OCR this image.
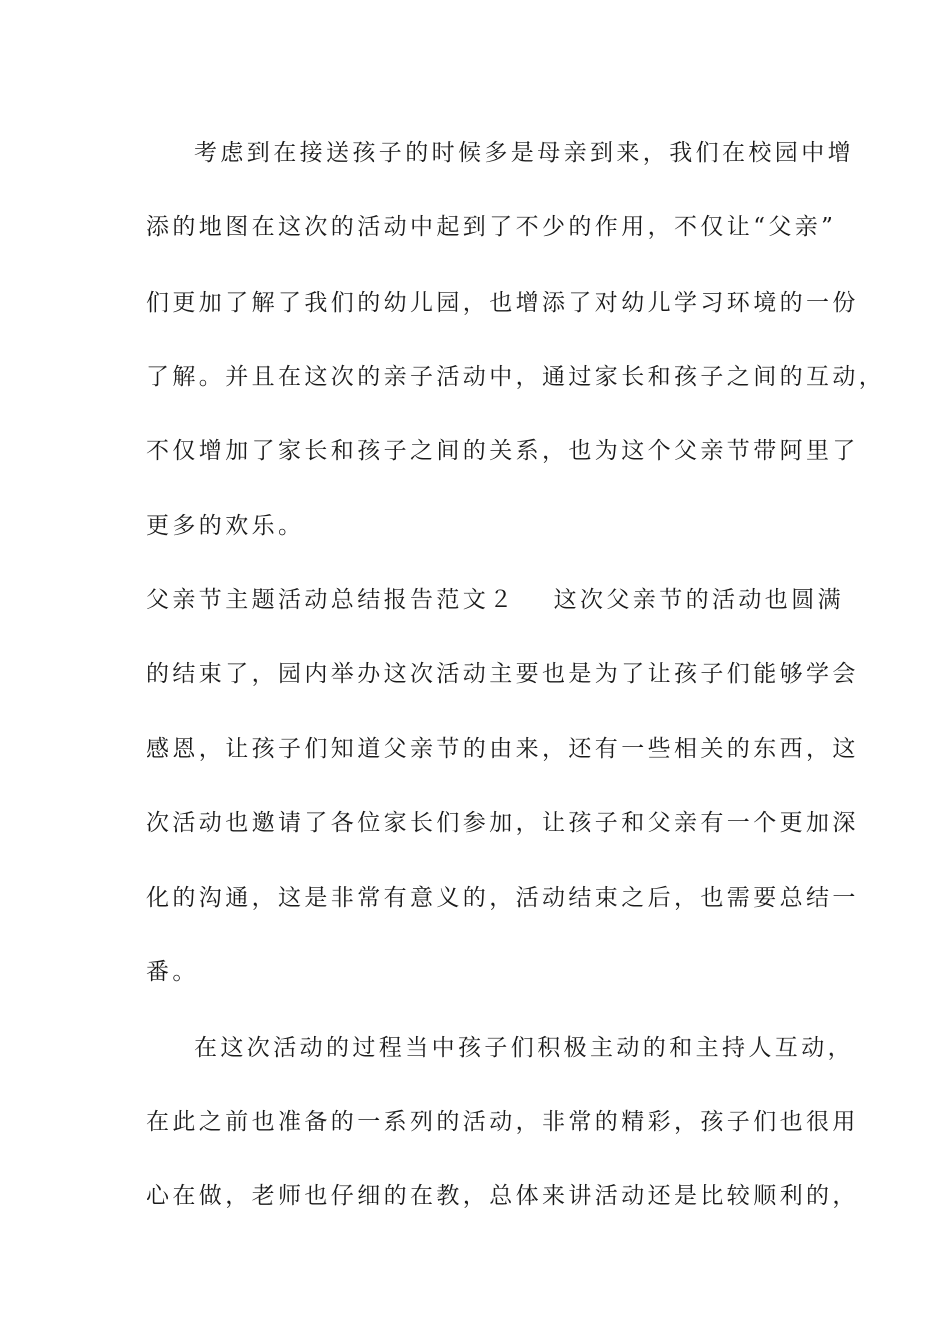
考虑到在接送孩子的时候多是母亲到来，我们在校园中增
添的地图在这次的活动中起到了不少的作用，不仅让“父亲”
们更加了解了我们的幼儿园，也增添了对幼儿学习环境的一份
了解。并且在这次的亲子活动中，通过家长和孩子之间的互动，
不仅增加了家长和孩子之间的关系，也为这个父亲节带阿里了
更多的欢乐。
父亲节主题活动总结报告范文２ 这次父亲节的活动也圆满
的结束了，园内举办这次活动主要也是为了让孩子们能够学会
感恩，让孩子们知道父亲节的由来，还有一些相关的东西，这
次活动也邀请了各位家长们参加，让孩子和父亲有一个更加深
化的沟通，这是非常有意义的，活动结束之后，也需要总结一
番。
在这次活动的过程当中孩子们积极主动的和主持人互动，
在此之前也准备的一系列的活动，非常的精彩，孩子们也很用
心在做，老师也仔细的在教，总体来讲活动还是比较顺利的，
